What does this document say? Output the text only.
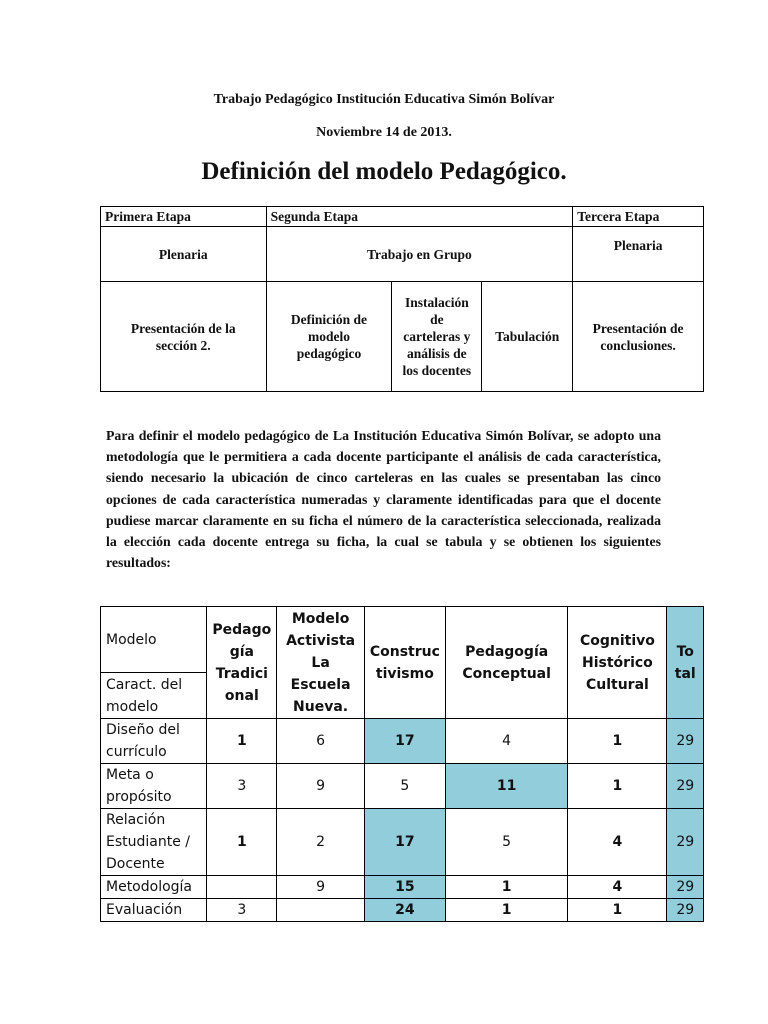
Trabajo Pedagógico Institución Educativa Simón Bolívar
Noviembre 14 de 2013.
Definición del modelo Pedagógico.
Primera Etapa	Segunda Etapa			Tercera Etapa
Plenaria	Trabajo en Grupo			Plenaria
Presentación de la sección 2.	Definición de modelo pedagógico	Instalación de carteleras y análisis de los docentes	Tabulación	Presentación de conclusiones.
Para definir el modelo pedagógico de La Institución Educativa Simón Bolívar, se adopto una metodología que le permitiera a cada docente participante el análisis de cada característica, siendo necesario la ubicación de cinco carteleras en las cuales se presentaban las cinco opciones de cada característica numeradas y claramente identificadas para que el docente pudiese marcar claramente en su ficha el número de la característica seleccionada, realizada la elección cada docente entrega su ficha, la cual se tabula y se obtienen los siguientes resultados:
Modelo	Pedago gía Tradici onal	Modelo Activista La Escuela Nueva.	Construc tivismo	Pedagogía Conceptual	Cognitivo Histórico Cultural	To tal
Caract. del modelo						
Diseño del currículo	1	6	17	4	1	29
Meta o propósito	3	9	5	11	1	29
Relación Estudiante / Docente	1	2	17	5	4	29
Metodología		9	15	1	4	29
Evaluación	3		24	1	1	29
